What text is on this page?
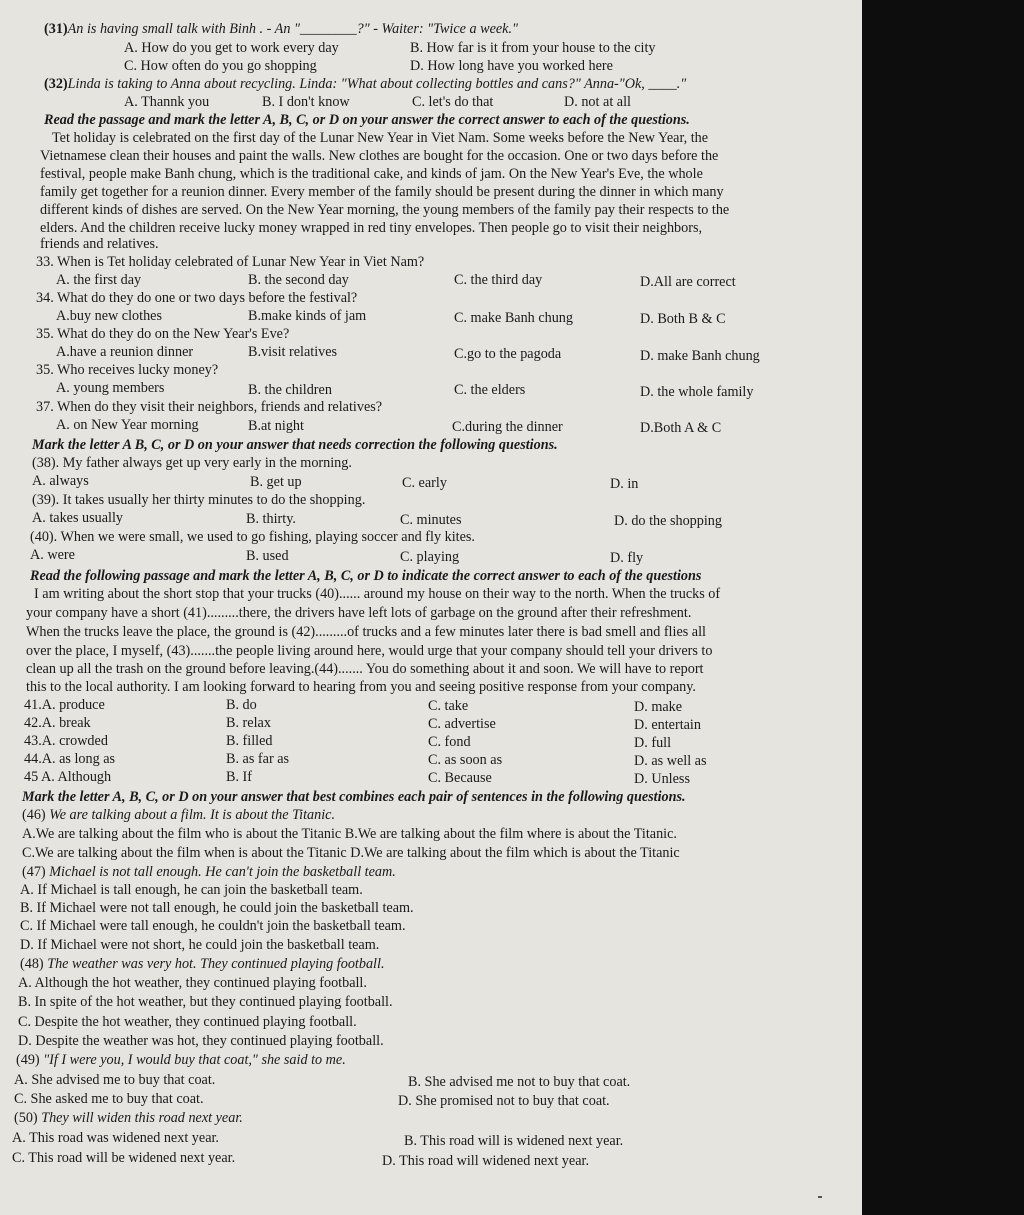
(31)An is having small talk with Binh . - An "________?" - Waiter: "Twice a week."
A. How do you get to work every day	B. How far is it from your house to the city
C. How often do you go shopping	D. How long have you worked here
(32)Linda is taking to Anna about recycling. Linda: "What about collecting bottles and cans?" Anna-"Ok, ____."
A. Thannk you	B. I don't know	C. let's do that	D. not at all
Read the passage and mark the letter A, B, C, or D on your answer the correct answer to each of the questions.
Tet holiday is celebrated on the first day of the Lunar New Year in Viet Nam. Some weeks before the New Year, the
Vietnamese clean their houses and paint the walls. New clothes are bought for the occasion. One or two days before the
festival, people make Banh chung, which is the traditional cake, and kinds of jam. On the New Year's Eve, the whole
family get together for a reunion dinner. Every member of the family should be present during the dinner in which many
different kinds of dishes are served. On the New Year morning, the young members of the family pay their respects to the
elders. And the children receive lucky money wrapped in red tiny envelopes. Then people go to visit their neighbors,
friends and relatives.
33. When is Tet holiday celebrated of Lunar New Year in Viet Nam?
A. the first day	B. the second day	C. the third day	D.All are correct
34. What do they do one or two days before the festival?
A.buy new clothes	B.make kinds of jam	C. make Banh chung	D. Both B & C
35. What do they do on the New Year's Eve?
A.have a reunion dinner	B.visit relatives	C.go to the pagoda	D. make Banh chung
35. Who receives lucky money?
A. young members	B. the children	C. the elders	D. the whole family
37. When do they visit their neighbors, friends and relatives?
A. on New Year morning	B.at night	C.during the dinner	D.Both A & C
Mark the letter A B, C, or D on your answer that needs correction the following questions.
(38). My father always get up very early in the morning.
A. always	B. get up	C. early	D. in
(39). It takes usually her thirty minutes to do the shopping.
A. takes usually	B. thirty.	C. minutes	D. do the shopping
(40). When we were small, we used to go fishing, playing soccer and fly kites.
A. were	B. used	C. playing	D. fly
Read the following passage and mark the letter A, B, C, or D to indicate the correct answer to each of the questions
I am writing about the short stop that your trucks (40)...... around my house on their way to the north. When the trucks of
your company have a short (41).........there, the drivers have left lots of garbage on the ground after their refreshment.
When the trucks leave the place, the ground is (42).........of trucks and a few minutes later there is bad smell and flies all
over the place, I myself, (43).......the people living around here, would urge that your company should tell your drivers to
clean up all the trash on the ground before leaving.(44)....... You do something about it and soon. We will have to report
this to the local authority. I am looking forward to hearing from you and seeing positive response from your company.
41.A. produce	B. do	C. take	D. make
42.A. break	B. relax	C. advertise	D. entertain
43.A. crowded	B. filled	C. fond	D. full
44.A. as long as	B. as far as	C. as soon as	D. as well as
45 A. Although	B. If	C. Because	D. Unless
Mark the letter A, B, C, or D on your answer that best combines each pair of sentences in the following questions.
(46) We are talking about a film. It is about the Titanic.
A.We are talking about the film who is about the Titanic B.We are talking about the film where is about the Titanic.
C.We are talking about the film when is about the Titanic D.We are talking about the film which is about the Titanic
(47) Michael is not tall enough. He can't join the basketball team.
A. If Michael is tall enough, he can join the basketball team.
B. If Michael were not tall enough, he could join the basketball team.
C. If Michael were tall enough, he couldn't join the basketball team.
D. If Michael were not short, he could join the basketball team.
(48) The weather was very hot. They continued playing football.
A. Although the hot weather, they continued playing football.
B. In spite of the hot weather, but they continued playing football.
C. Despite the hot weather, they continued playing football.
D. Despite the weather was hot, they continued playing football.
(49) "If I were you, I would buy that coat," she said to me.
A. She advised me to buy that coat.	B. She advised me not to buy that coat.
C. She asked me to buy that coat.	D. She promised not to buy that coat.
(50) They will widen this road next year.
A. This road was widened next year.	B. This road will is widened next year.
C. This road will be widened next year.	D. This road will widened next year.
